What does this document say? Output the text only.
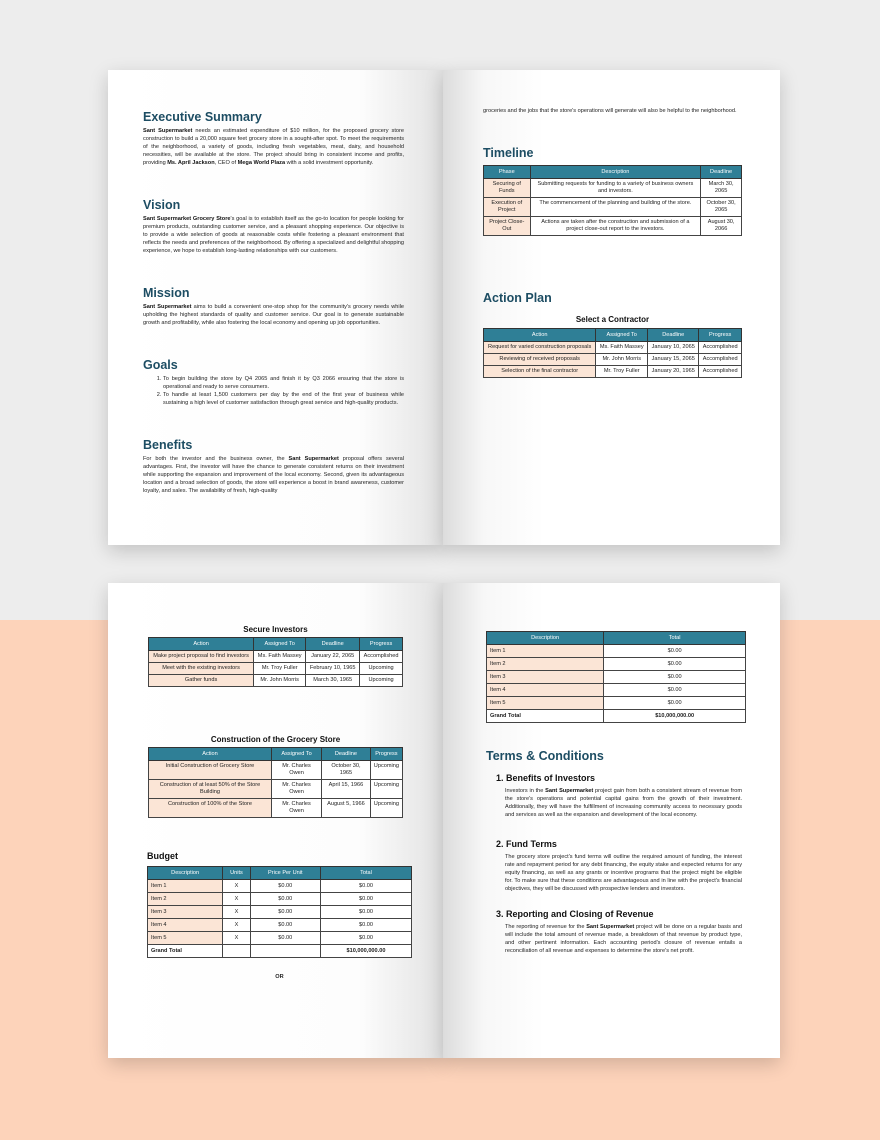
Executive Summary

Sant Supermarket needs an estimated expenditure of $10 million, for the proposed grocery store construction to build a 20,000 square feet grocery store in a sought-after spot. To meet the requirements of the neighborhood, a variety of goods, including fresh vegetables, meat, dairy, and household necessities, will be available at the store. The project should bring in consistent income and profits, providing Ms. April Jackson, CEO of Mega World Plaza with a solid investment opportunity.

Vision

Sant Supermarket Grocery Store's goal is to establish itself as the go-to location for people looking for premium products, outstanding customer service, and a pleasant shopping experience. Our objective is to provide a wide selection of goods at reasonable costs while fostering a pleasant environment that reflects the needs and preferences of the neighborhood. By offering a specialized and delightful shopping experience, we hope to establish long-lasting relationships with our customers.

Mission

Sant Supermarket aims to build a convenient one-stop shop for the community's grocery needs while upholding the highest standards of quality and customer service. Our goal is to generate sustainable growth and profitability, while also fostering the local economy and opening up job opportunities.

Goals
1. To begin building the store by Q4 2065 and finish it by Q3 2066 ensuring that the store is operational and ready to serve consumers.
2. To handle at least 1,500 customers per day by the end of the first year of business while sustaining a high level of customer satisfaction through great service and high-quality products.
Benefits

For both the investor and the business owner, the Sant Supermarket proposal offers several advantages. First, the investor will have the chance to generate consistent returns on their investment while supporting the expansion and improvement of the local economy. Second, given its advantageous location and a broad selection of goods, the store will experience a boost in brand awareness, customer loyalty, and sales. The availability of fresh, high-quality

groceries and the jobs that the store's operations will generate will also be helpful to the neighborhood.

Timeline
Phase	Description	Deadline
Securing of Funds	Submitting requests for funding to a variety of business owners and investors.	March 30, 2065
Execution of Project	The commencement of the planning and building of the store.	October 30, 2065
Project Close-Out	Actions are taken after the construction and submission of a project close-out report to the investors.	August 30, 2066
Action Plan
Select a Contractor
Action	Assigned To	Deadline	Progress
Request for varied construction proposals	Ms. Faith Massey	January 10, 2065	Accomplished
Reviewing of received proposals	Mr. John Morris	January 15, 2065	Accomplished
Selection of the final contractor	Mr. Troy Fuller	January 20, 1965	Accomplished
Secure Investors
Action	Assigned To	Deadline	Progress
Make project proposal to find investors	Ms. Faith Massey	January 22, 2065	Accomplished
Meet with the existing investors	Mr. Troy Fuller	February 10, 1965	Upcoming
Gather funds	Mr. John Morris	March 30, 1965	Upcoming
Construction of the Grocery Store
Action	Assigned To	Deadline	Progress
Initial Construction of Grocery Store	Mr. Charles Owen	October 30, 1965	Upcoming
Construction of at least 50% of the Store Building	Mr. Charles Owen	April 15, 1966	Upcoming
Construction of 100% of the Store	Mr. Charles Owen	August 5, 1966	Upcoming
Budget
Description	Units	Price Per Unit	Total
Item 1	X	$0.00	$0.00
Item 2	X	$0.00	$0.00
Item 3	X	$0.00	$0.00
Item 4	X	$0.00	$0.00
Item 5	X	$0.00	$0.00
Grand Total			$10,000,000.00
OR
Description	Total
Item 1	$0.00
Item 2	$0.00
Item 3	$0.00
Item 4	$0.00
Item 5	$0.00
Grand Total	$10,000,000.00
Terms & Conditions
1. Benefits of Investors

Investors in the Sant Supermarket project gain from both a consistent stream of revenue from the store's operations and potential capital gains from the growth of their investment. Additionally, they will have the fulfillment of increasing community access to necessary goods and services as well as the expansion and development of the local economy.

2. Fund Terms

The grocery store project's fund terms will outline the required amount of funding, the interest rate and repayment period for any debt financing, the equity stake and expected returns for any equity financing, as well as any grants or incentive programs that the project might be eligible for. To make sure that these conditions are advantageous and in line with the project's financial objectives, they will be discussed with prospective lenders and investors.

3. Reporting and Closing of Revenue

The reporting of revenue for the Sant Supermarket project will be done on a regular basis and will include the total amount of revenue made, a breakdown of that revenue by product type, and other pertinent information. Each accounting period's closure of revenue entails a reconciliation of all revenue and expenses to determine the store's net profit.
